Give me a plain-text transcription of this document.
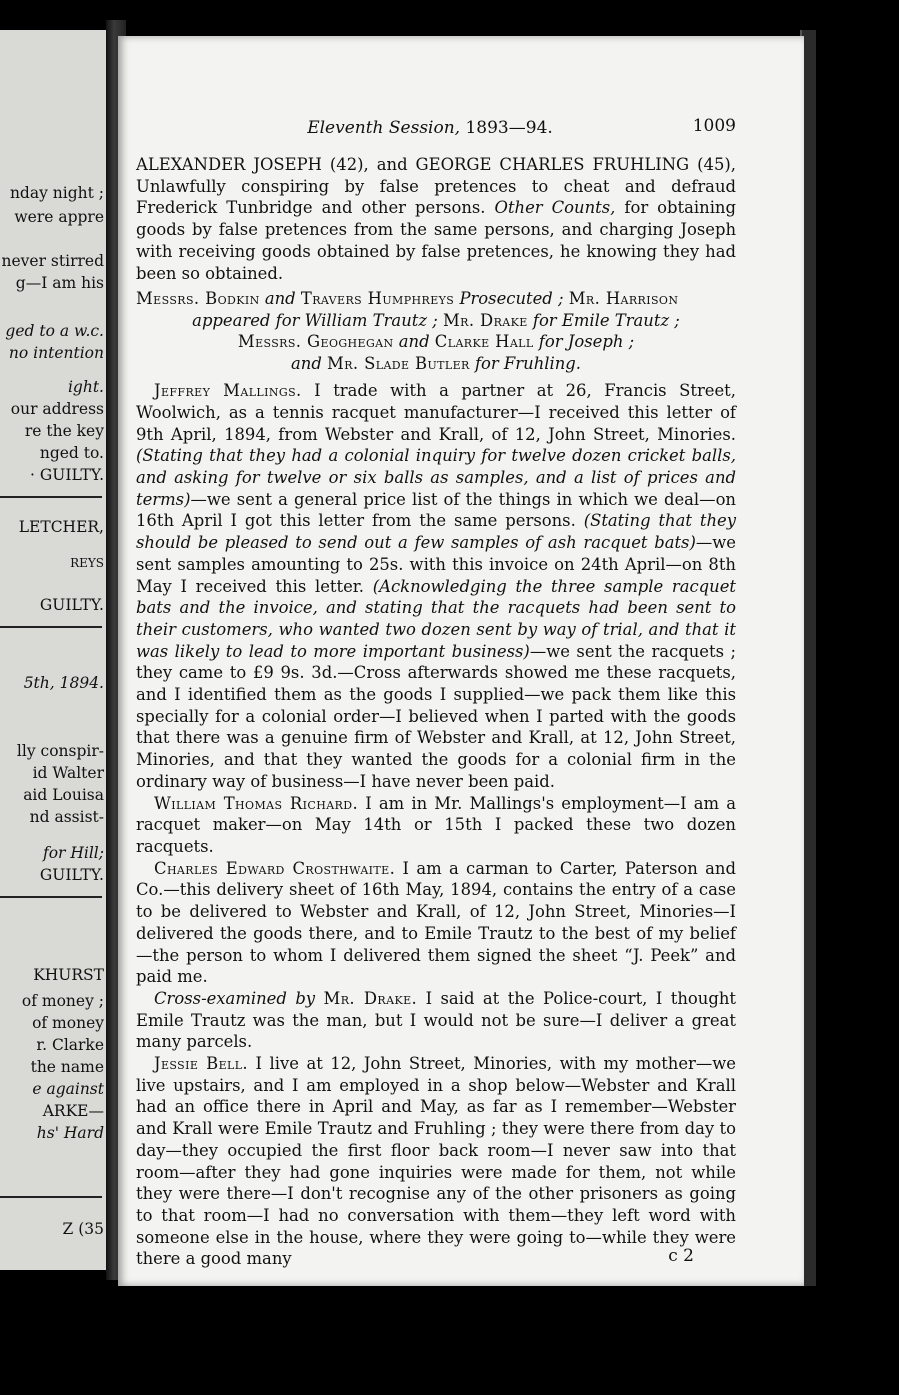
nday night ;
were appre
never stirred
g—I am his
ged to a w.c.
no intention
ight.
our address
re the key
nged to.
· GUILTY.
LETCHER,
REYS
GUILTY.
5th, 1894.
lly conspir-
id Walter
aid Louisa
nd assist-
for Hill;
GUILTY.
KHURST
of money ;
of money
r. Clarke
the name
e against
ARKE—
hs' Hard
Z (35
Eleventh Session, 1893—94.	1009

ALEXANDER JOSEPH (42), and GEORGE CHARLES FRUHLING (45), Unlawfully conspiring by false pretences to cheat and defraud Frederick Tunbridge and other persons. Other Counts, for obtaining goods by false pretences from the same persons, and charging Joseph with receiving goods obtained by false pretences, he knowing they had been so obtained.

Messrs. Bodkin and Travers Humphreys Prosecuted ; Mr. Harrison
appeared for William Trautz ; Mr. Drake for Emile Trautz ;
Messrs. Geoghegan and Clarke Hall for Joseph ;
and Mr. Slade Butler for Fruhling.

Jeffrey Mallings. I trade with a partner at 26, Francis Street, Woolwich, as a tennis racquet manufacturer—I received this letter of 9th April, 1894, from Webster and Krall, of 12, John Street, Minories. (Stating that they had a colonial inquiry for twelve dozen cricket balls, and asking for twelve or six balls as samples, and a list of prices and terms)—we sent a general price list of the things in which we deal—on 16th April I got this letter from the same persons. (Stating that they should be pleased to send out a few samples of ash racquet bats)—we sent samples amounting to 25s. with this invoice on 24th April—on 8th May I received this letter. (Acknowledging the three sample racquet bats and the invoice, and stating that the racquets had been sent to their customers, who wanted two dozen sent by way of trial, and that it was likely to lead to more important business)—we sent the racquets ; they came to £9 9s. 3d.—Cross afterwards showed me these racquets, and I identified them as the goods I supplied—we pack them like this specially for a colonial order—I believed when I parted with the goods that there was a genuine firm of Webster and Krall, at 12, John Street, Minories, and that they wanted the goods for a colonial firm in the ordinary way of business—I have never been paid.

William Thomas Richard. I am in Mr. Mallings's employment—I am a racquet maker—on May 14th or 15th I packed these two dozen racquets.

Charles Edward Crosthwaite. I am a carman to Carter, Paterson and Co.—this delivery sheet of 16th May, 1894, contains the entry of a case to be delivered to Webster and Krall, of 12, John Street, Minories—I delivered the goods there, and to Emile Trautz to the best of my belief—the person to whom I delivered them signed the sheet “J. Peek” and paid me.

Cross-examined by Mr. Drake. I said at the Police-court, I thought Emile Trautz was the man, but I would not be sure—I deliver a great many parcels.

Jessie Bell. I live at 12, John Street, Minories, with my mother—we live upstairs, and I am employed in a shop below—Webster and Krall had an office there in April and May, as far as I remember—Webster and Krall were Emile Trautz and Fruhling ; they were there from day to day—they occupied the first floor back room—I never saw into that room—after they had gone inquiries were made for them, not while they were there—I don't recognise any of the other prisoners as going to that room—I had no conversation with them—they left word with someone else in the house, where they were going to—while they were there a good many	c 2
